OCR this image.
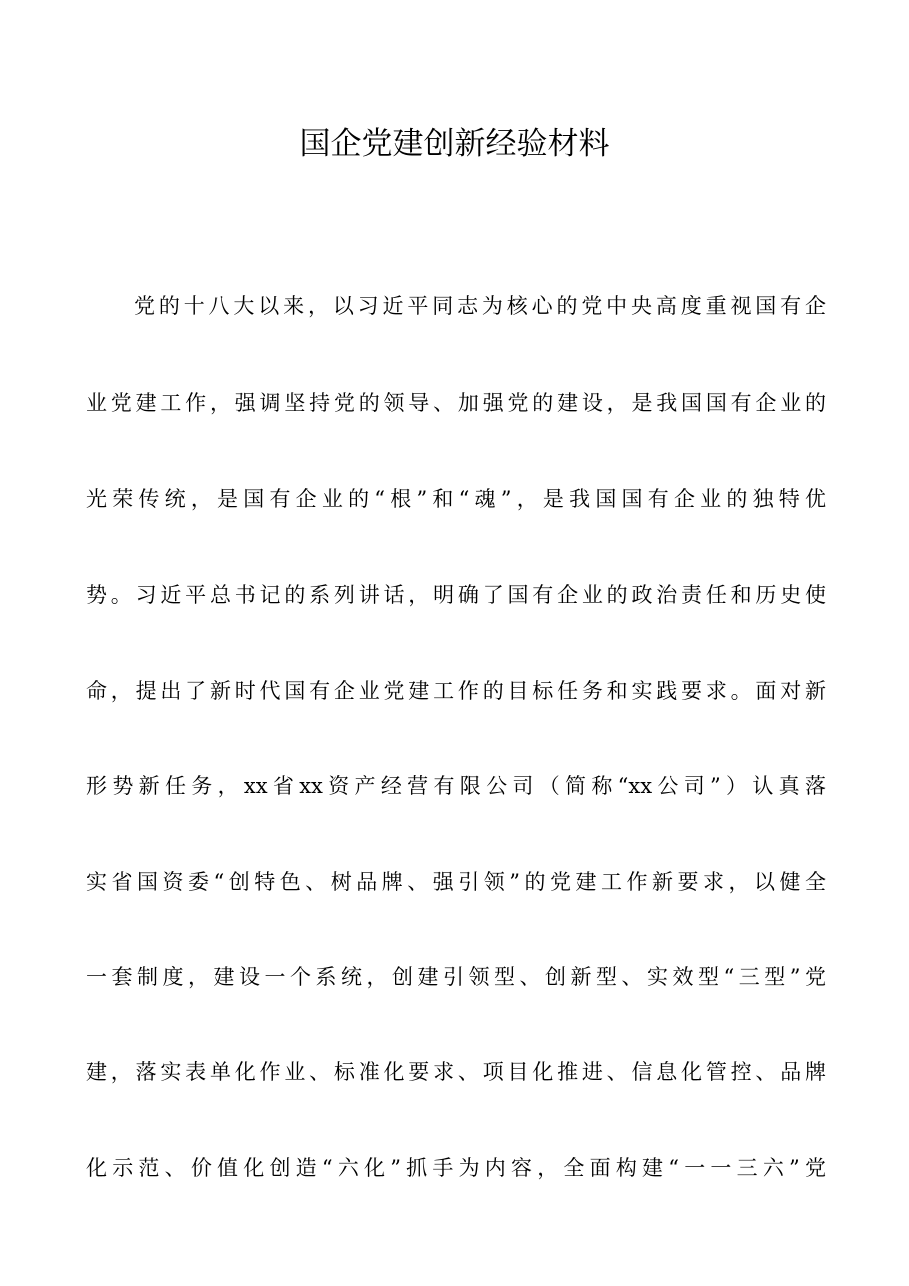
国企党建创新经验材料
党的十八大以来，以习近平同志为核心的党中央高度重视国有企
业党建工作，强调坚持党的领导、加强党的建设，是我国国有企业的
光荣传统，是国有企业的“根”和“魂”，是我国国有企业的独特优
势。习近平总书记的系列讲话，明确了国有企业的政治责任和历史使
命，提出了新时代国有企业党建工作的目标任务和实践要求。面对新
形势新任务，xx省xx资产经营有限公司（简称“xx公司”）认真落
实省国资委“创特色、树品牌、强引领”的党建工作新要求，以健全
一套制度，建设一个系统，创建引领型、创新型、实效型“三型”党
建，落实表单化作业、标准化要求、项目化推进、信息化管控、品牌
化示范、价值化创造“六化”抓手为内容，全面构建“一一三六”党
